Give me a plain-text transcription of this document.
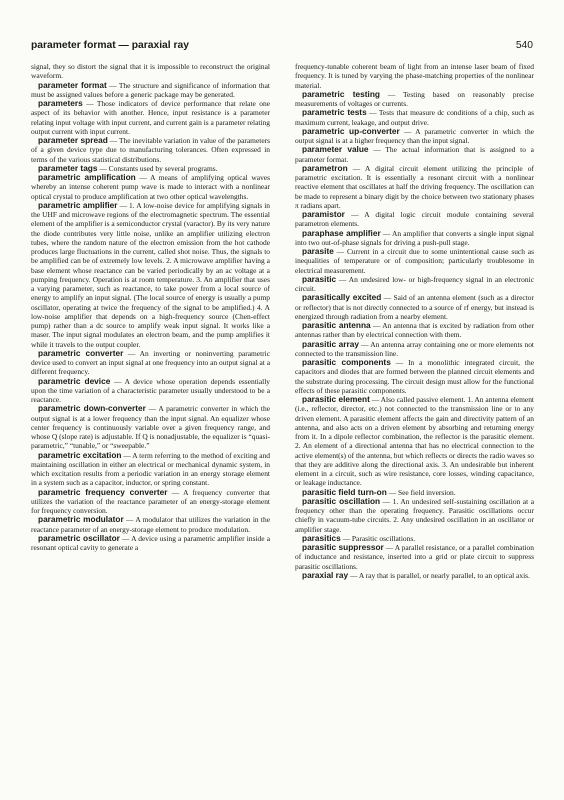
parameter format — paraxial ray	540

signal, they so distort the signal that it is impossible to reconstruct the original waveform.

parameter format — The structure and significance of information that must be assigned values before a generic package may be generated.

parameters — Those indicators of device performance that relate one aspect of its behavior with another. Hence, input resistance is a parameter relating input voltage with input current, and current gain is a parameter relating output current with input current.

parameter spread — The inevitable variation in value of the parameters of a given device type due to manufacturing tolerances. Often expressed in terms of the various statistical distributions.

parameter tags — Constants used by several programs.

parametric amplification — A means of amplifying optical waves whereby an intense coherent pump wave is made to interact with a nonlinear optical crystal to produce amplification at two other optical wavelengths.

parametric amplifier — 1. A low-noise device for amplifying signals in the UHF and microwave regions of the electromagnetic spectrum. The essential element of the amplifier is a semiconductor crystal (varactor). By its very nature the diode contributes very little noise, unlike an amplifier utilizing electron tubes, where the random nature of the electron emission from the hot cathode produces large fluctuations in the current, called shot noise. Thus, the signals to be amplified can be of extremely low levels. 2. A microwave amplifier having a base element whose reactance can be varied periodically by an ac voltage at a pumping frequency. Operation is at room temperature. 3. An amplifier that uses a varying parameter, such as reactance, to take power from a local source of energy to amplify an input signal. (The local source of energy is usually a pump oscillator, operating at twice the frequency of the signal to be amplified.) 4. A low-noise amplifier that depends on a high-frequency source (Chen-effect pump) rather than a dc source to amplify weak input signal. It works like a maser. The input signal modulates an electron beam, and the pump amplifies it while it travels to the output coupler.

parametric converter — An inverting or noninverting parametric device used to convert an input signal at one frequency into an output signal at a different frequency.

parametric device — A device whose operation depends essentially upon the time variation of a characteristic parameter usually understood to be a reactance.

parametric down-converter — A parametric converter in which the output signal is at a lower frequency than the input signal. An equalizer whose center frequency is continuously variable over a given frequency range, and whose Q (slope rate) is adjustable. If Q is nonadjustable, the equalizer is “quasi-parametric,” “tunable,” or “sweepable.”

parametric excitation — A term referring to the method of exciting and maintaining oscillation in either an electrical or mechanical dynamic system, in which excitation results from a periodic variation in an energy storage element in a system such as a capacitor, inductor, or spring constant.

parametric frequency converter — A frequency converter that utilizes the variation of the reactance parameter of an energy-storage element for frequency conversion.

parametric modulator — A modulator that utilizes the variation in the reactance parameter of an energy-storage element to produce modulation.

parametric oscillator — A device using a parametric amplifier inside a resonant optical cavity to generate a

frequency-tunable coherent beam of light from an intense laser beam of fixed frequency. It is tuned by varying the phase-matching properties of the nonlinear material.

parametric testing — Testing based on reasonably precise measurements of voltages or currents.

parametric tests — Tests that measure dc conditions of a chip, such as maximum current, leakage, and output drive.

parametric up-converter — A parametric converter in which the output signal is at a higher frequency than the input signal.

parameter value — The actual information that is assigned to a parameter format.

parametron — A digital circuit element utilizing the principle of parametric excitation. It is essentially a resonant circuit with a nonlinear reactive element that oscillates at half the driving frequency. The oscillation can be made to represent a binary digit by the choice between two stationary phases π radians apart.

paramistor — A digital logic circuit module containing several parametron elements.

paraphase amplifier — An amplifier that converts a single input signal into two out-of-phase signals for driving a push-pull stage.

parasite — Current in a circuit due to some unintentional cause such as inequalities of temperature or of composition; particularly troublesome in electrical measurement.

parasitic — An undesired low- or high-frequency signal in an electronic circuit.

parasitically excited — Said of an antenna element (such as a director or reflector) that is not directly connected to a source of rf energy, but instead is energized through radiation from a nearby element.

parasitic antenna — An antenna that is excited by radiation from other antennas rather than by electrical connection with them.

parasitic array — An antenna array containing one or more elements not connected to the transmission line.

parasitic components — In a monolithic integrated circuit, the capacitors and diodes that are formed between the planned circuit elements and the substrate during processing. The circuit design must allow for the functional effects of these parasitic components.

parasitic element — Also called passive element. 1. An antenna element (i.e., reflector, director, etc.) not connected to the transmission line or to any driven element. A parasitic element affects the gain and directivity pattern of an antenna, and also acts on a driven element by absorbing and returning energy from it. In a dipole reflector combination, the reflector is the parasitic element. 2. An element of a directional antenna that has no electrical connection to the active element(s) of the antenna, but which reflects or directs the radio waves so that they are additive along the directional axis. 3. An undesirable but inherent element in a circuit, such as wire resistance, core losses, winding capacitance, or leakage inductance.

parasitic field turn-on — See field inversion.

parasitic oscillation — 1. An undesired self-sustaining oscillation at a frequency other than the operating frequency. Parasitic oscillations occur chiefly in vacuum-tube circuits. 2. Any undesired oscillation in an oscillator or amplifier stage.

parasitics — Parasitic oscillations.

parasitic suppressor — A parallel resistance, or a parallel combination of inductance and resistance, inserted into a grid or plate circuit to suppress parasitic oscillations.

paraxial ray — A ray that is parallel, or nearly parallel, to an optical axis.
